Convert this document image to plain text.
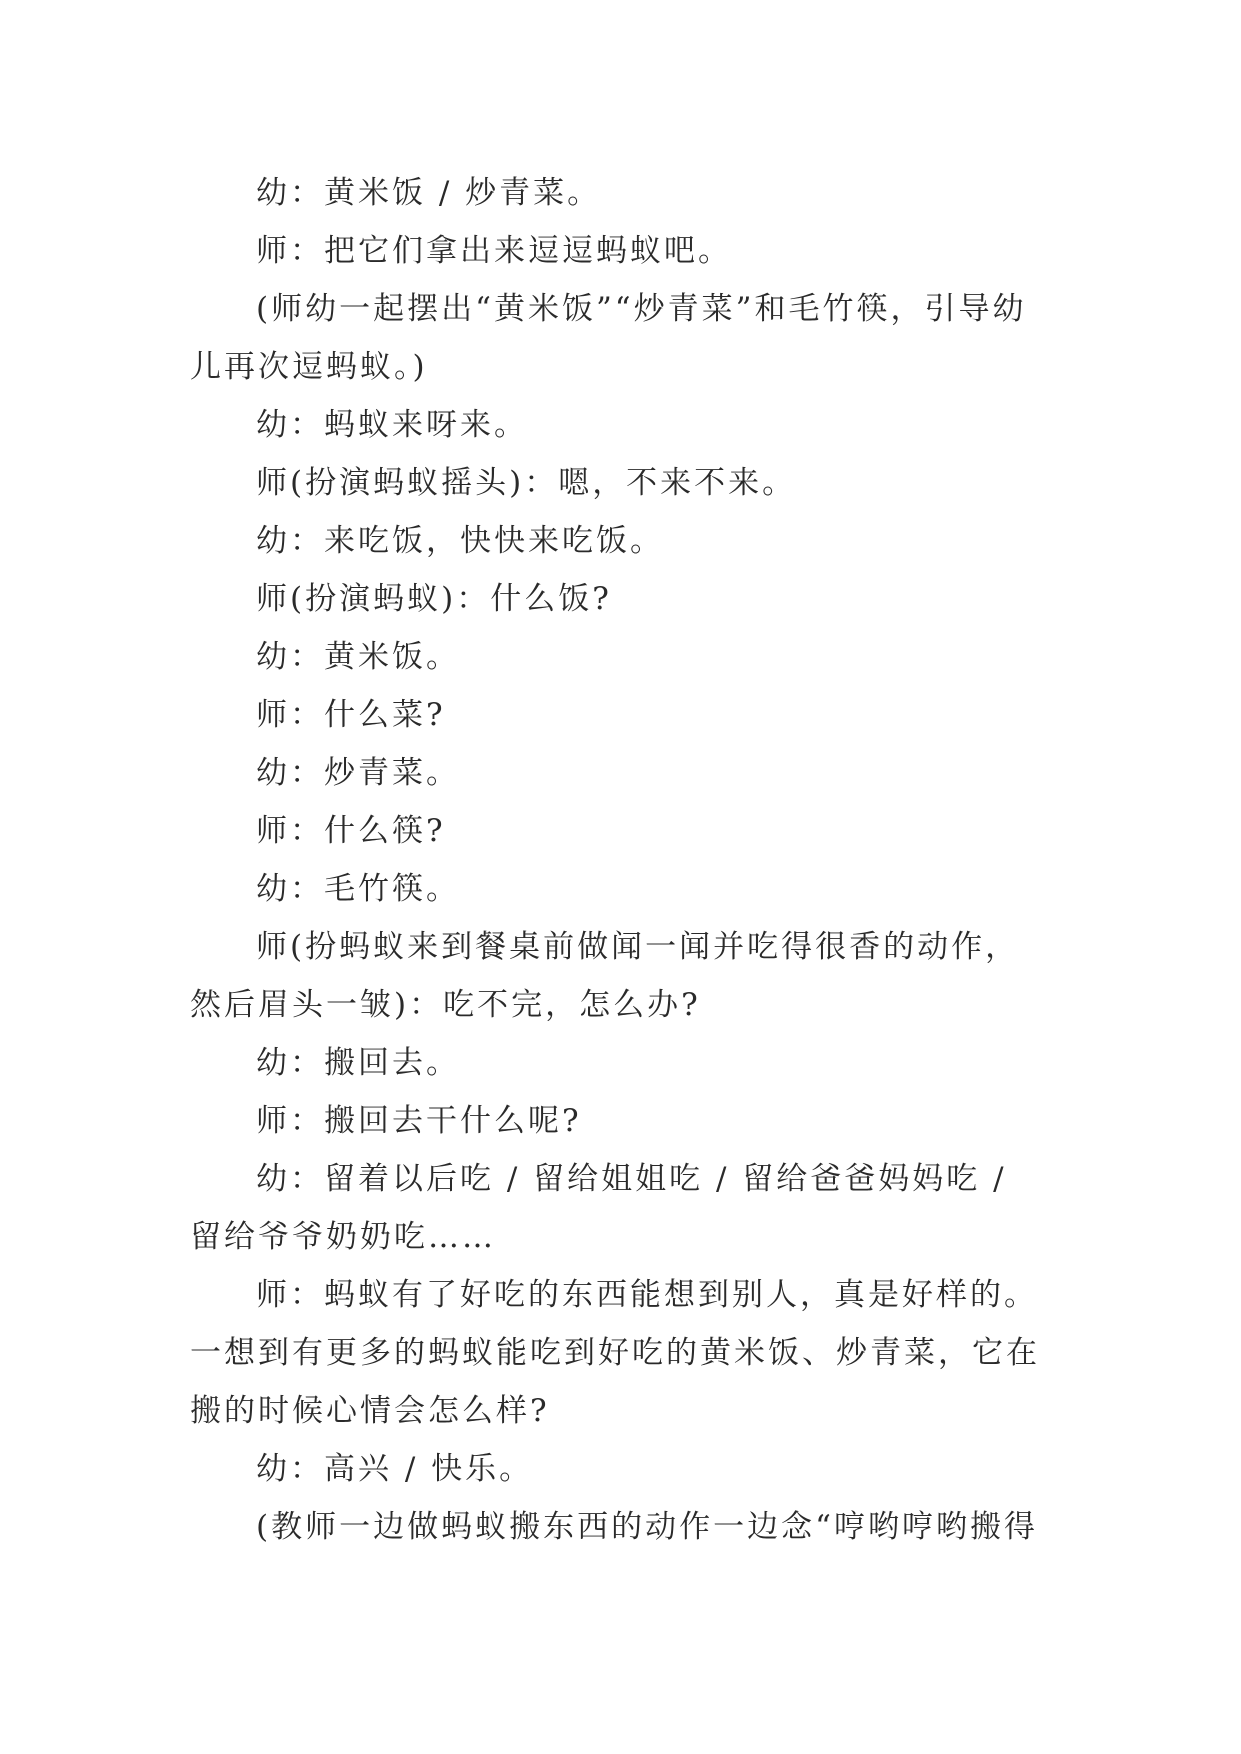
幼：黄米饭 / 炒青菜。

师：把它们拿出来逗逗蚂蚁吧。

(师幼一起摆出“黄米饭”“炒青菜”和毛竹筷，引导幼儿再次逗蚂蚁。)

幼：蚂蚁来呀来。

师(扮演蚂蚁摇头)：嗯，不来不来。

幼：来吃饭，快快来吃饭。

师(扮演蚂蚁)：什么饭?

幼：黄米饭。

师：什么菜?

幼：炒青菜。

师：什么筷?

幼：毛竹筷。

师(扮蚂蚁来到餐桌前做闻一闻并吃得很香的动作，然后眉头一皱)：吃不完，怎么办?

幼：搬回去。

师：搬回去干什么呢?

幼：留着以后吃 / 留给姐姐吃 / 留给爸爸妈妈吃 / 留给爷爷奶奶吃……

师：蚂蚁有了好吃的东西能想到别人，真是好样的。一想到有更多的蚂蚁能吃到好吃的黄米饭、炒青菜，它在搬的时候心情会怎么样?

幼：高兴 / 快乐。

(教师一边做蚂蚁搬东西的动作一边念“哼哟哼哟搬得
